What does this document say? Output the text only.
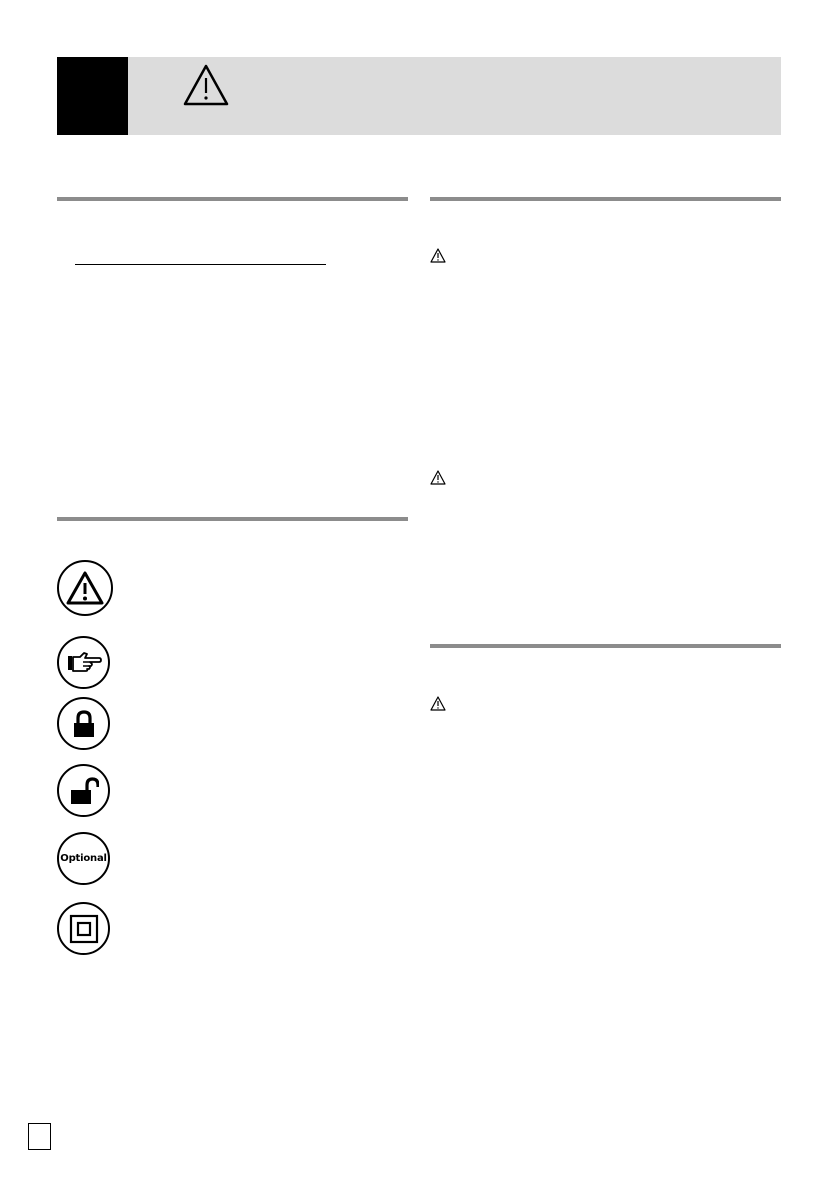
Optional
